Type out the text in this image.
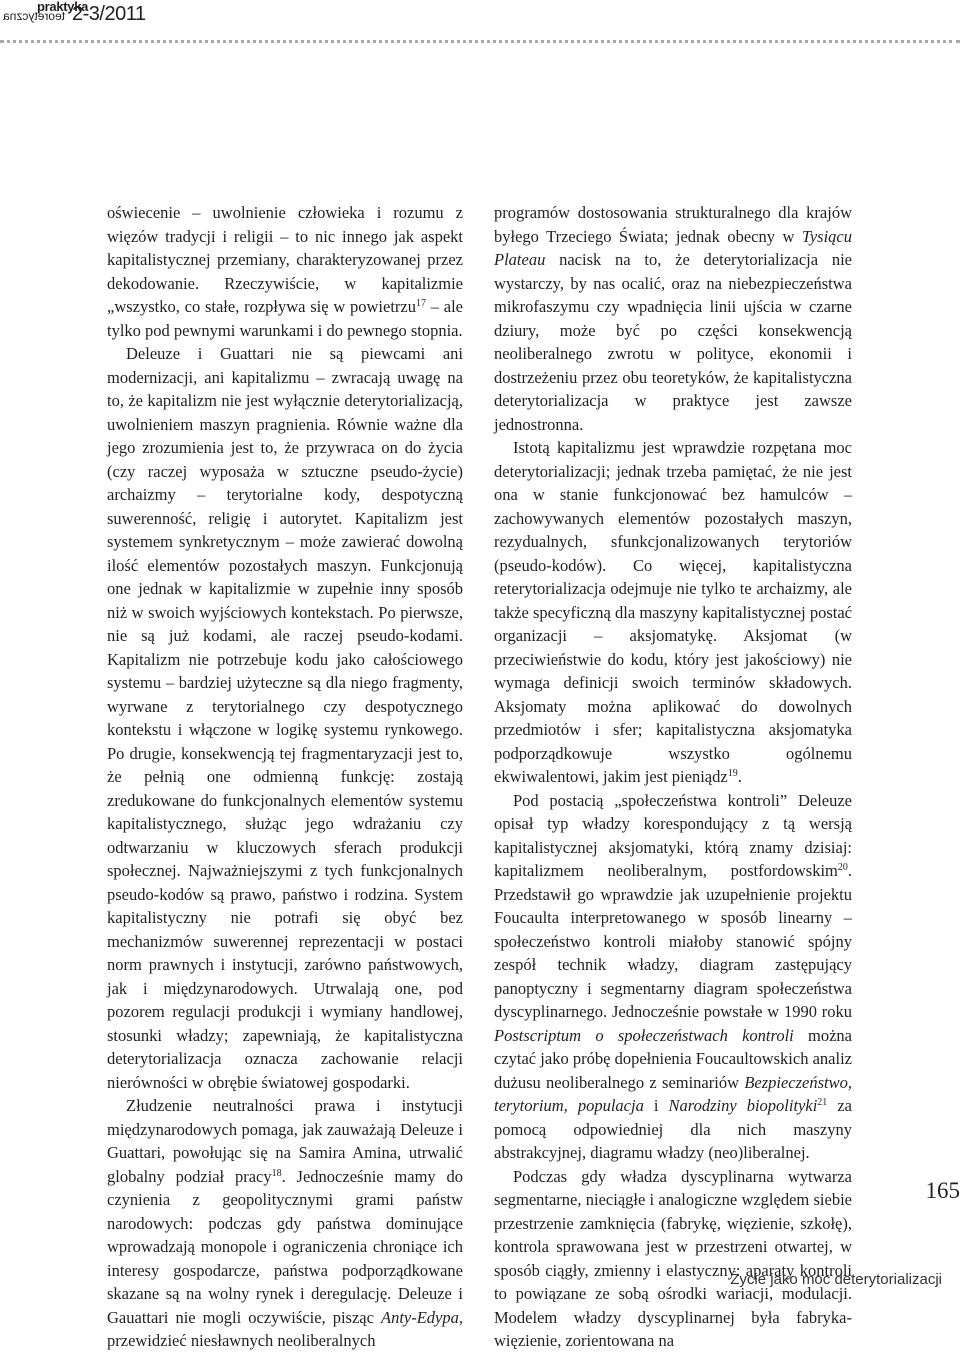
praktyka
teoretyczna 2-3/2011

oświecenie – uwolnienie człowieka i rozumu z więzów tradycji i religii – to nic innego jak aspekt kapitalistycznej przemiany, charakteryzowanej przez dekodowanie. Rzeczywiście, w kapitalizmie „wszystko, co stałe, rozpływa się w powietrzu$^{17}$ – ale tylko pod pewnymi warunkami i do pewnego stopnia.

Deleuze i Guattari nie są piewcami ani modernizacji, ani kapitalizmu – zwracają uwagę na to, że kapitalizm nie jest wyłącznie deterytorializacją, uwolnieniem maszyn pragnienia. Równie ważne dla jego zrozumienia jest to, że przywraca on do życia (czy raczej wyposaża w sztuczne pseudo-życie) archaizmy – terytorialne kody, despotyczną suwerenność, religię i autorytet. Kapitalizm jest systemem synkretycznym – może zawierać dowolną ilość elementów pozostałych maszyn. Funkcjonują one jednak w kapitalizmie w zupełnie inny sposób niż w swoich wyjściowych kontekstach. Po pierwsze, nie są już kodami, ale raczej pseudo-kodami. Kapitalizm nie potrzebuje kodu jako całościowego systemu – bardziej użyteczne są dla niego fragmenty, wyrwane z terytorialnego czy despotycznego kontekstu i włączone w logikę systemu rynkowego. Po drugie, konsekwencją tej fragmentaryzacji jest to, że pełnią one odmienną funkcję: zostają zredukowane do funkcjonalnych elementów systemu kapitalistycznego, służąc jego wdrażaniu czy odtwarzaniu w kluczowych sferach produkcji społecznej. Najważniejszymi z tych funkcjonalnych pseudo-kodów są prawo, państwo i rodzina. System kapitalistyczny nie potrafi się obyć bez mechanizmów suwerennej reprezentacji w postaci norm prawnych i instytucji, zarówno państwowych, jak i międzynarodowych. Utrwalają one, pod pozorem regulacji produkcji i wymiany handlowej, stosunki władzy; zapewniają, że kapitalistyczna deterytorializacja oznacza zachowanie relacji nierówności w obrębie światowej gospodarki.

Złudzenie neutralności prawa i instytucji międzynarodowych pomaga, jak zauważają Deleuze i Guattari, powołując się na Samira Amina, utrwalić globalny podział pracy$^{18}$. Jednocześnie mamy do czynienia z geopolitycznymi grami państw narodowych: podczas gdy państwa dominujące wprowadzają monopole i ograniczenia chroniące ich interesy gospodarcze, państwa podporządkowane skazane są na wolny rynek i deregulację. Deleuze i Gauattari nie mogli oczywiście, pisząc Anty-Edypa, przewidzieć niesławnych neoliberalnych

programów dostosowania strukturalnego dla krajów byłego Trzeciego Świata; jednak obecny w Tysiącu Plateau nacisk na to, że deterytorializacja nie wystarczy, by nas ocalić, oraz na niebezpieczeństwa mikrofaszymu czy wpadnięcia linii ujścia w czarne dziury, może być po części konsekwencją neoliberalnego zwrotu w polityce, ekonomii i dostrzeżeniu przez obu teoretyków, że kapitalistyczna deterytorializacja w praktyce jest zawsze jednostronna.

Istotą kapitalizmu jest wprawdzie rozpętana moc deterytorializacji; jednak trzeba pamiętać, że nie jest ona w stanie funkcjonować bez hamulców – zachowywanych elementów pozostałych maszyn, rezydualnych, sfunkcjonalizowanych terytoriów (pseudo-kodów). Co więcej, kapitalistyczna reterytorializacja odejmuje nie tylko te archaizmy, ale także specyficzną dla maszyny kapitalistycznej postać organizacji – aksjomatykę. Aksjomat (w przeciwieństwie do kodu, który jest jakościowy) nie wymaga definicji swoich terminów składowych. Aksjomaty można aplikować do dowolnych przedmiotów i sfer; kapitalistyczna aksjomatyka podporządkowuje wszystko ogólnemu ekwiwalentowi, jakim jest pieniądz$^{19}$.

Pod postacią „społeczeństwa kontroli” Deleuze opisał typ władzy korespondujący z tą wersją kapitalistycznej aksjomatyki, którą znamy dzisiaj: kapitalizmem neoliberalnym, postfordowskim$^{20}$. Przedstawił go wprawdzie jak uzupełnienie projektu Foucaulta interpretowanego w sposób linearny – społeczeństwo kontroli miałoby stanowić spójny zespół technik władzy, diagram zastępujący panoptyczny i segmentarny diagram społeczeństwa dyscyplinarnego. Jednocześnie powstałe w 1990 roku Postscriptum o społeczeństwach kontroli można czytać jako próbę dopełnienia Foucaultowskich analiz dużusu neoliberalnego z seminariów Bezpieczeństwo, terytorium, populacja i Narodziny biopolityki$^{21}$ za pomocą odpowiedniej dla nich maszyny abstrakcyjnej, diagramu władzy (neo)liberalnej.

Podczas gdy władza dyscyplinarna wytwarza segmentarne, nieciągłe i analogiczne względem siebie przestrzenie zamknięcia (fabrykę, więzienie, szkołę), kontrola sprawowana jest w przestrzeni otwartej, w sposób ciągły, zmienny i elastyczny: aparaty kontroli to powiązane ze sobą ośrodki wariacji, modulacji. Modelem władzy dyscyplinarnej była fabryka-więzienie, zorientowana na

165
Życie jako moc deterytorializacji
